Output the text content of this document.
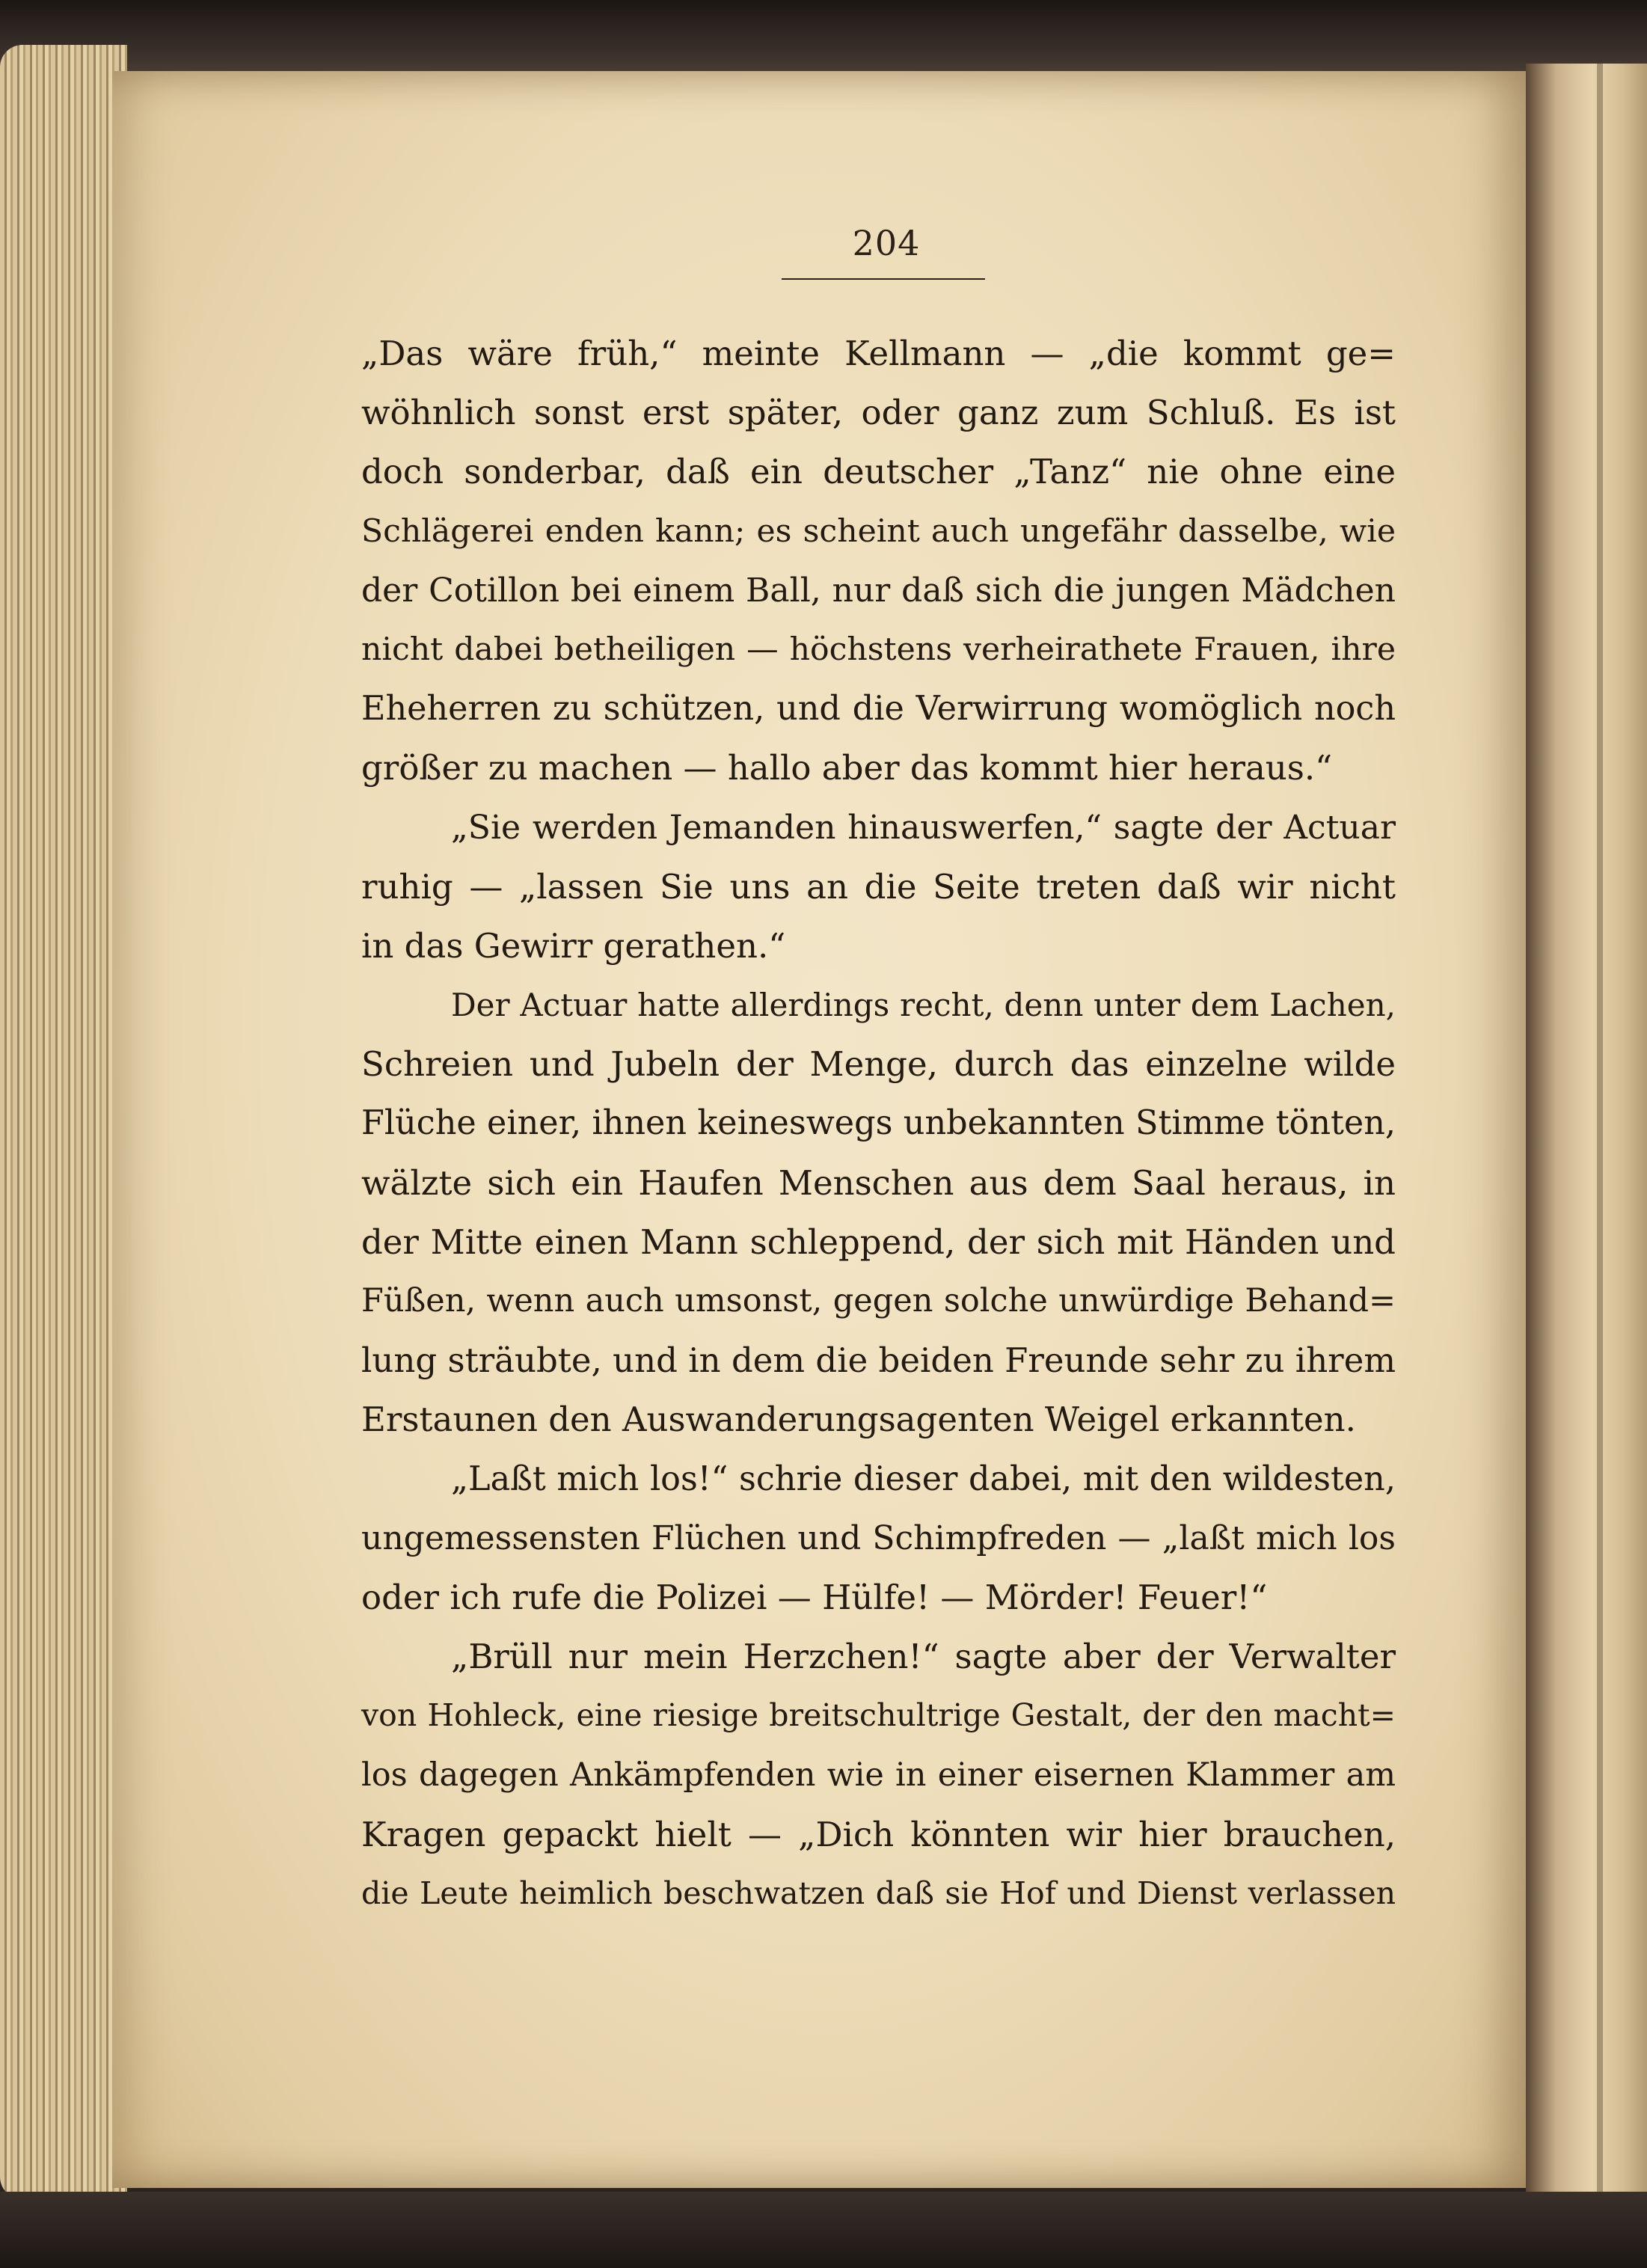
204
„Das wäre früh,“ meinte Kellmann — „die kommt ge=
wöhnlich sonst erst später, oder ganz zum Schluß. Es ist
doch sonderbar, daß ein deutscher „Tanz“ nie ohne eine
Schlägerei enden kann; es scheint auch ungefähr dasselbe, wie
der Cotillon bei einem Ball, nur daß sich die jungen Mädchen
nicht dabei betheiligen — höchstens verheirathete Frauen, ihre
Eheherren zu schützen, und die Verwirrung womöglich noch
größer zu machen — hallo aber das kommt hier heraus.“
„Sie werden Jemanden hinauswerfen,“ sagte der Actuar
ruhig — „lassen Sie uns an die Seite treten daß wir nicht
in das Gewirr gerathen.“
Der Actuar hatte allerdings recht, denn unter dem Lachen,
Schreien und Jubeln der Menge, durch das einzelne wilde
Flüche einer, ihnen keineswegs unbekannten Stimme tönten,
wälzte sich ein Haufen Menschen aus dem Saal heraus, in
der Mitte einen Mann schleppend, der sich mit Händen und
Füßen, wenn auch umsonst, gegen solche unwürdige Behand=
lung sträubte, und in dem die beiden Freunde sehr zu ihrem
Erstaunen den Auswanderungsagenten Weigel erkannten.
„Laßt mich los!“ schrie dieser dabei, mit den wildesten,
ungemessensten Flüchen und Schimpfreden — „laßt mich los
oder ich rufe die Polizei — Hülfe! — Mörder! Feuer!“
„Brüll nur mein Herzchen!“ sagte aber der Verwalter
von Hohleck, eine riesige breitschultrige Gestalt, der den macht=
los dagegen Ankämpfenden wie in einer eisernen Klammer am
Kragen gepackt hielt — „Dich könnten wir hier brauchen,
die Leute heimlich beschwatzen daß sie Hof und Dienst verlassen
